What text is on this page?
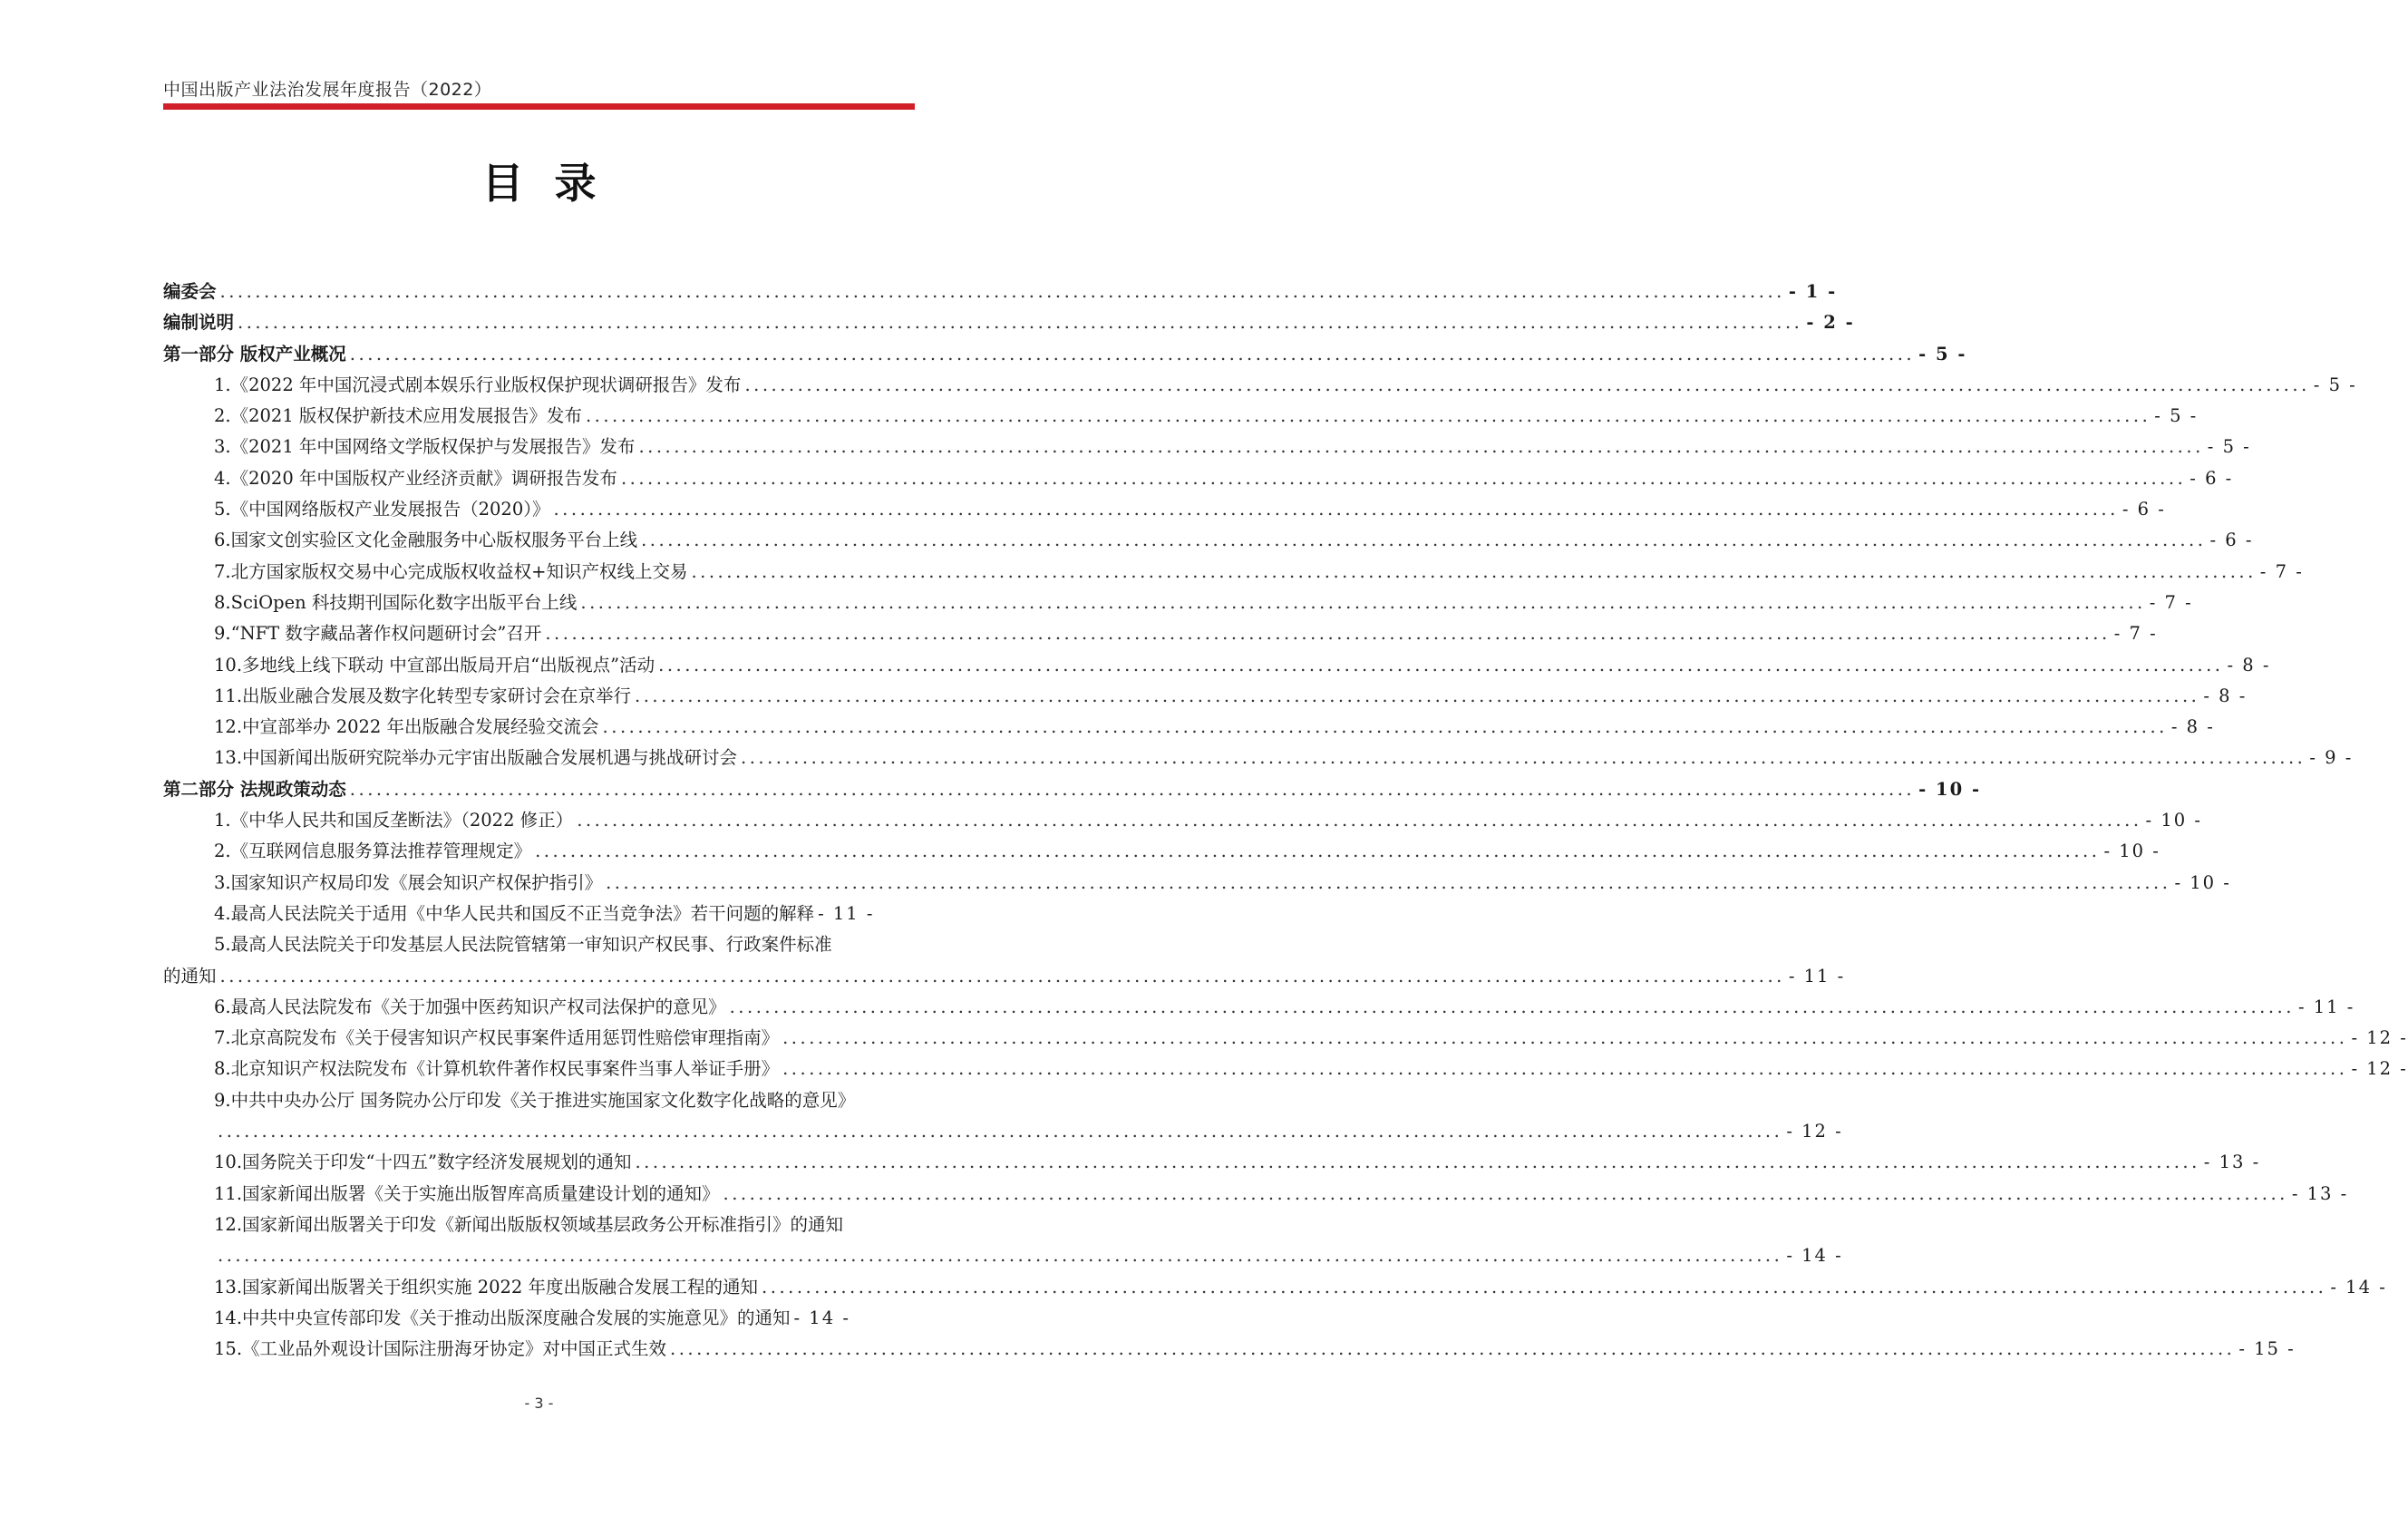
中国出版产业法治发展年度报告（2022）
目录
编委会 .................................................................................................................................................................................. - 1 -
编制说明 .................................................................................................................................................................................. - 2 -
第一部分 版权产业概况 .................................................................................................................................................................................. - 5 -
1.《2022 年中国沉浸式剧本娱乐行业版权保护现状调研报告》发布 .................................................................................................................................................................................. - 5 -
2.《2021 版权保护新技术应用发展报告》发布 .................................................................................................................................................................................. - 5 -
3.《2021 年中国网络文学版权保护与发展报告》发布 .................................................................................................................................................................................. - 5 -
4.《2020 年中国版权产业经济贡献》调研报告发布 .................................................................................................................................................................................. - 6 -
5.《中国网络版权产业发展报告（2020）》 .................................................................................................................................................................................. - 6 -
6.国家文创实验区文化金融服务中心版权服务平台上线 .................................................................................................................................................................................. - 6 -
7.北方国家版权交易中心完成版权收益权+知识产权线上交易 .................................................................................................................................................................................. - 7 -
8.SciOpen 科技期刊国际化数字出版平台上线 .................................................................................................................................................................................. - 7 -
9.“NFT 数字藏品著作权问题研讨会”召开 .................................................................................................................................................................................. - 7 -
10.多地线上线下联动 中宣部出版局开启“出版视点”活动 .................................................................................................................................................................................. - 8 -
11.出版业融合发展及数字化转型专家研讨会在京举行 .................................................................................................................................................................................. - 8 -
12.中宣部举办 2022 年出版融合发展经验交流会 .................................................................................................................................................................................. - 8 -
13.中国新闻出版研究院举办元宇宙出版融合发展机遇与挑战研讨会 .................................................................................................................................................................................. - 9 -
第二部分 法规政策动态 .................................................................................................................................................................................. - 10 -
1.《中华人民共和国反垄断法》（2022 修正） .................................................................................................................................................................................. - 10 -
2.《互联网信息服务算法推荐管理规定》 .................................................................................................................................................................................. - 10 -
3.国家知识产权局印发《展会知识产权保护指引》 .................................................................................................................................................................................. - 10 -
4.最高人民法院关于适用《中华人民共和国反不正当竞争法》若干问题的解释 - 11 -
5.最高人民法院关于印发基层人民法院管辖第一审知识产权民事、行政案件标准
的通知 .................................................................................................................................................................................. - 11 -
6.最高人民法院发布《关于加强中医药知识产权司法保护的意见》 .................................................................................................................................................................................. - 11 -
7.北京高院发布《关于侵害知识产权民事案件适用惩罚性赔偿审理指南》 .................................................................................................................................................................................. - 12 -
8.北京知识产权法院发布《计算机软件著作权民事案件当事人举证手册》 .................................................................................................................................................................................. - 12 -
9.中共中央办公厅 国务院办公厅印发《关于推进实施国家文化数字化战略的意见》
.................................................................................................................................................................................. - 12 -
10.国务院关于印发“十四五”数字经济发展规划的通知 .................................................................................................................................................................................. - 13 -
11.国家新闻出版署《关于实施出版智库高质量建设计划的通知》 .................................................................................................................................................................................. - 13 -
12.国家新闻出版署关于印发《新闻出版版权领域基层政务公开标准指引》的通知
.................................................................................................................................................................................. - 14 -
13.国家新闻出版署关于组织实施 2022 年度出版融合发展工程的通知 .................................................................................................................................................................................. - 14 -
14.中共中央宣传部印发《关于推动出版深度融合发展的实施意见》的通知 - 14 -
15.《工业品外观设计国际注册海牙协定》对中国正式生效 .................................................................................................................................................................................. - 15 -
- 3 -
